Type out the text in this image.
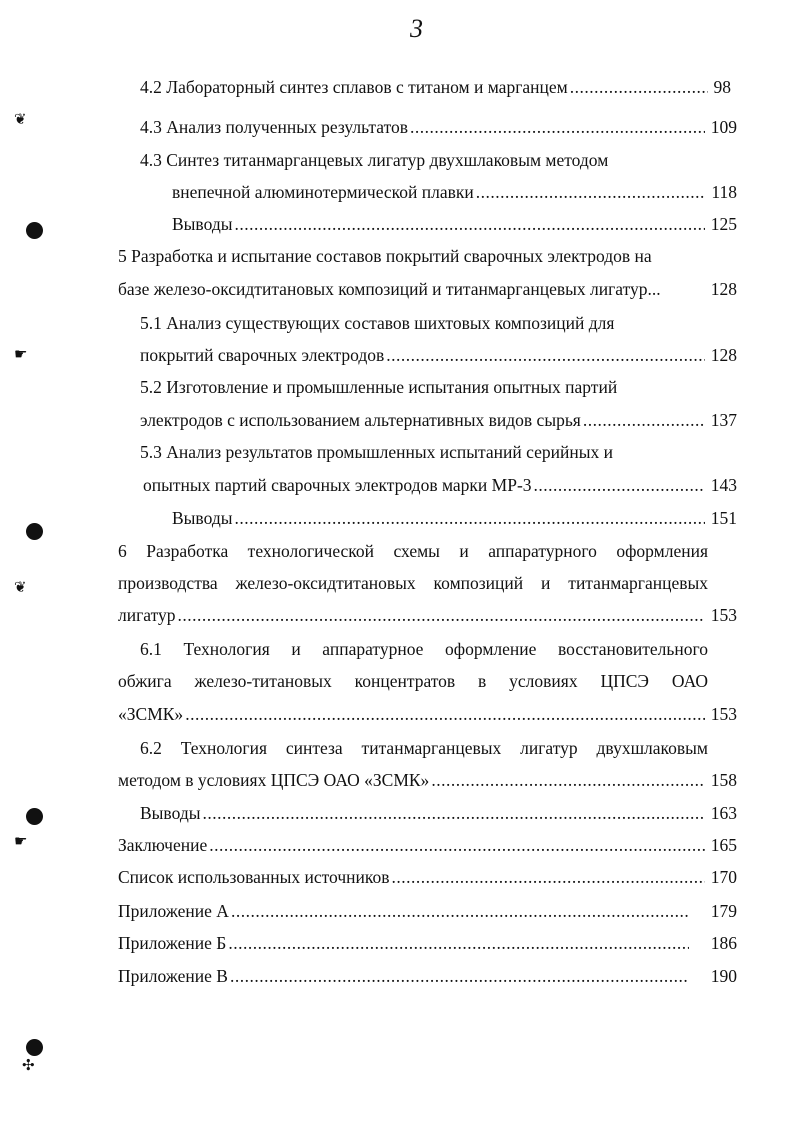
3
❦
☛
❦
☛
✣
4.2 Лабораторный синтез сплавов с титаном и марганцем .....	98
4.3 Анализ полученных результатов .....	109
4.3 Синтез титанмарганцевых лигатур двухшлаковым методом
внепечной алюминотермической плавки .....	118
Выводы .....	125
5 Разработка и испытание составов покрытий сварочных электродов на
базе железо-оксидтитановых композиций и титанмарганцевых лигатур...	128
5.1 Анализ существующих составов шихтовых композиций для
покрытий сварочных электродов .....	128
5.2 Изготовление и промышленные испытания опытных партий
электродов с использованием альтернативных видов сырья .....	137
5.3 Анализ результатов промышленных испытаний серийных и
опытных партий сварочных электродов марки МР-3 .....	143
Выводы .....	151
6 Разработка технологической схемы и аппаратурного оформления
производства железо-оксидтитановых композиций и титанмарганцевых
лигатур .....	153
6.1 Технология и аппаратурное оформление восстановительного
обжига железо-титановых концентратов в условиях ЦПСЭ ОАО
«ЗСМК» .....	153
6.2 Технология синтеза титанмарганцевых лигатур двухшлаковым
методом в условиях ЦПСЭ ОАО «ЗСМК» .....	158
Выводы .....	163
Заключение .....	165
Список использованных источников .....	170
Приложение А .....	179
Приложение Б .....	186
Приложение В .....	190
